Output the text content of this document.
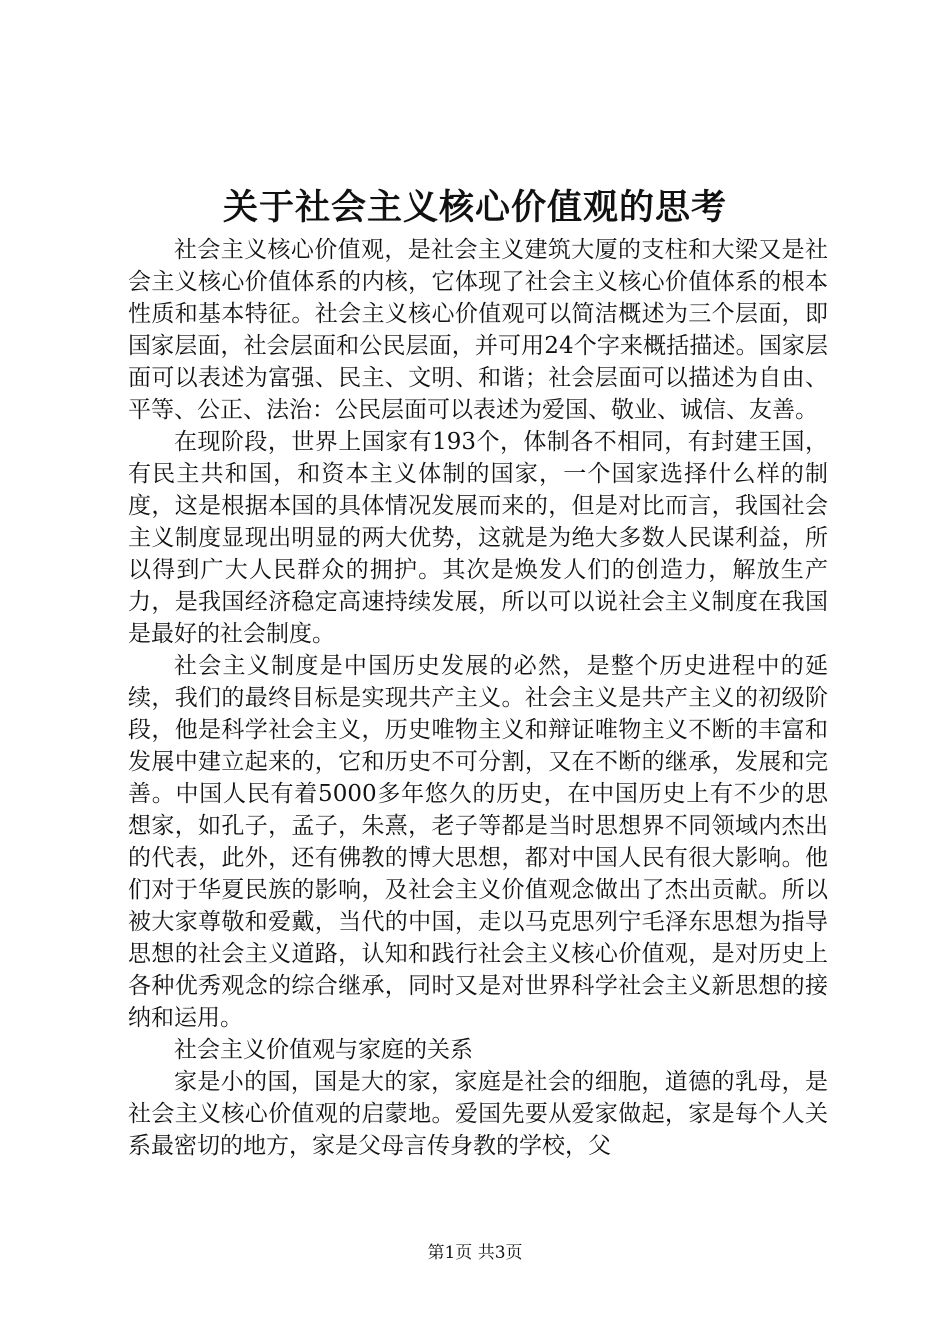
关于社会主义核心价值观的思考

社会主义核心价值观，是社会主义建筑大厦的支柱和大梁又是社会主义核心价值体系的内核，它体现了社会主义核心价值体系的根本性质和基本特征。社会主义核心价值观可以简洁概述为三个层面，即国家层面，社会层面和公民层面，并可用24个字来概括描述。国家层面可以表述为富强、民主、文明、和谐；社会层面可以描述为自由、平等、公正、法治：公民层面可以表述为爱国、敬业、诚信、友善。

在现阶段，世界上国家有193个，体制各不相同，有封建王国，有民主共和国，和资本主义体制的国家，一个国家选择什么样的制度，这是根据本国的具体情况发展而来的，但是对比而言，我国社会主义制度显现出明显的两大优势，这就是为绝大多数人民谋利益，所以得到广大人民群众的拥护。其次是焕发人们的创造力，解放生产力，是我国经济稳定高速持续发展，所以可以说社会主义制度在我国是最好的社会制度。

社会主义制度是中国历史发展的必然，是整个历史进程中的延续，我们的最终目标是实现共产主义。社会主义是共产主义的初级阶段，他是科学社会主义，历史唯物主义和辩证唯物主义不断的丰富和发展中建立起来的，它和历史不可分割，又在不断的继承，发展和完善。中国人民有着5000多年悠久的历史，在中国历史上有不少的思想家，如孔子，孟子，朱熹，老子等都是当时思想界不同领域内杰出的代表，此外，还有佛教的博大思想，都对中国人民有很大影响。他们对于华夏民族的影响，及社会主义价值观念做出了杰出贡献。所以被大家尊敬和爱戴，当代的中国，走以马克思列宁毛泽东思想为指导思想的社会主义道路，认知和践行社会主义核心价值观，是对历史上各种优秀观念的综合继承，同时又是对世界科学社会主义新思想的接纳和运用。

社会主义价值观与家庭的关系

家是小的国，国是大的家，家庭是社会的细胞，道德的乳母，是社会主义核心价值观的启蒙地。爱国先要从爱家做起，家是每个人关系最密切的地方，家是父母言传身教的学校，父

第1页 共3页
